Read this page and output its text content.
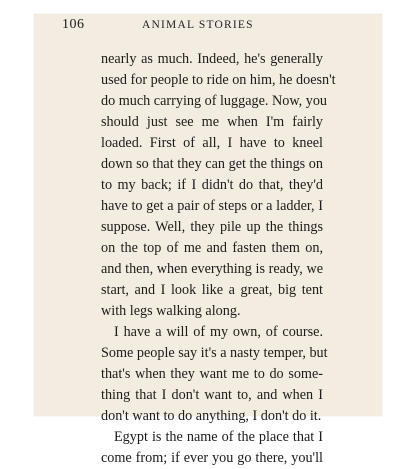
106	ANIMAL STORIES
nearly as much. Indeed, he's generally
used for people to ride on him, he doesn't
do much carrying of luggage. Now, you
should just see me when I'm fairly
loaded. First of all, I have to kneel
down so that they can get the things on
to my back; if I didn't do that, they'd
have to get a pair of steps or a ladder, I
suppose. Well, they pile up the things
on the top of me and fasten them on,
and then, when everything is ready, we
start, and I look like a great, big tent
with legs walking along.
I have a will of my own, of course.
Some people say it's a nasty temper, but
that's when they want me to do some-
thing that I don't want to, and when I
don't want to do anything, I don't do it.
Egypt is the name of the place that I
come from; if ever you go there, you'll
